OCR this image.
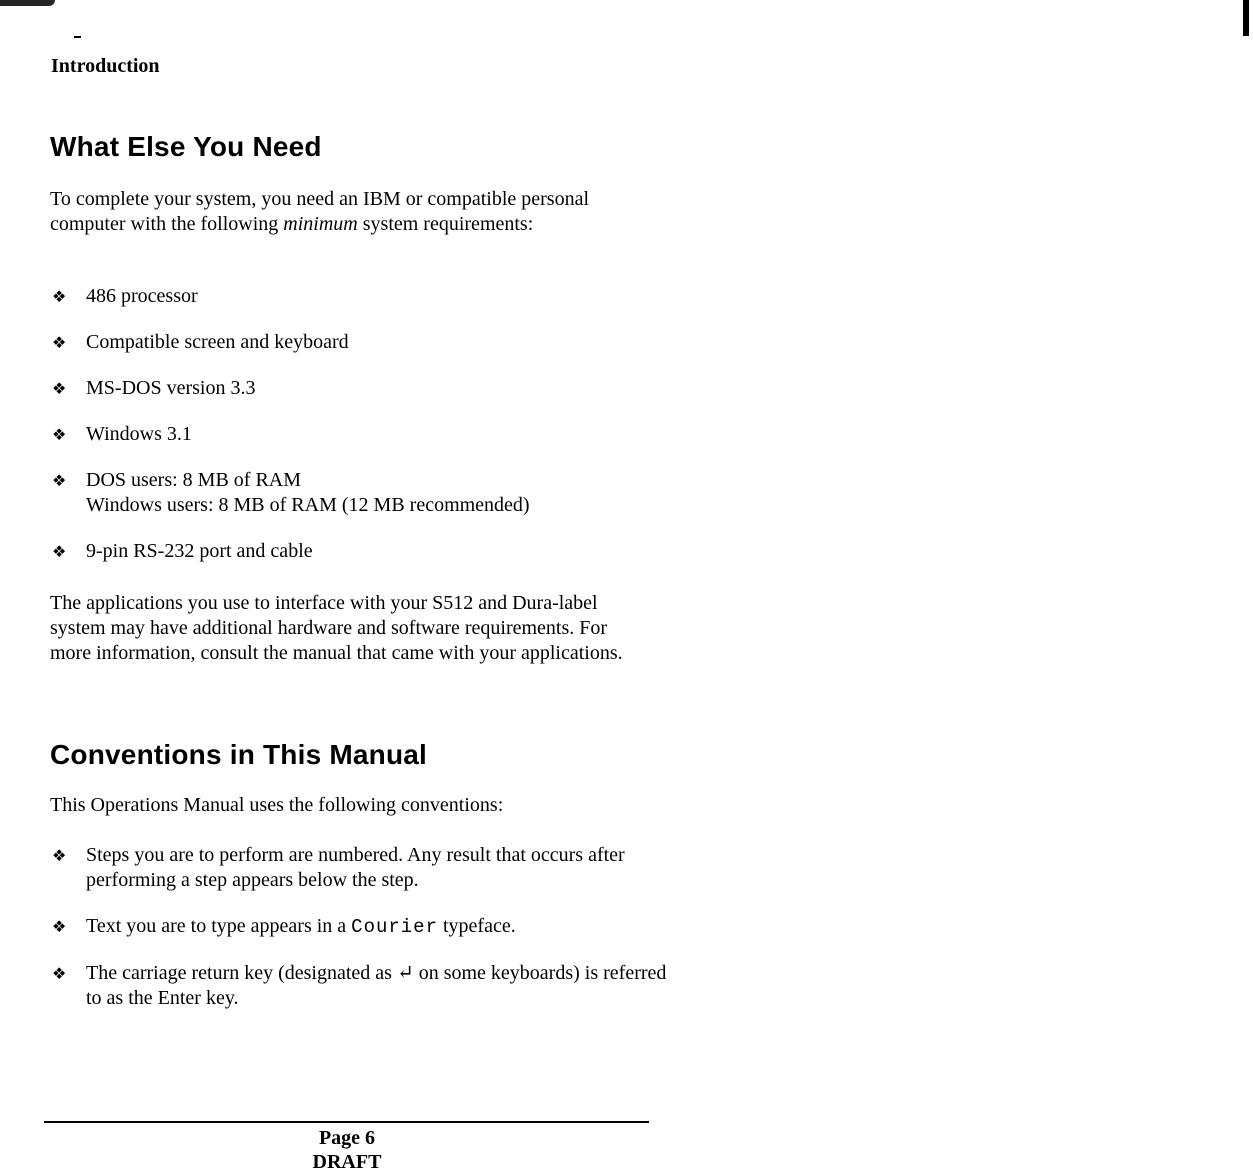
Introduction
What Else You Need

To complete your system, you need an IBM or compatible personal computer with the following minimum system requirements:

❖ 486 processor
❖ Compatible screen and keyboard
❖ MS-DOS version 3.3
❖ Windows 3.1
❖ DOS users: 8 MB of RAM
Windows users: 8 MB of RAM (12 MB recommended)
❖ 9-pin RS-232 port and cable

The applications you use to interface with your S512 and Dura-label system may have additional hardware and software requirements. For more information, consult the manual that came with your applications.

Conventions in This Manual

This Operations Manual uses the following conventions:

❖ Steps you are to perform are numbered. Any result that occurs after performing a step appears below the step.
❖ Text you are to type appears in a Courier typeface.
❖ The carriage return key (designated as ↵ on some keyboards) is referred to as the Enter key.
Page 6
DRAFT
